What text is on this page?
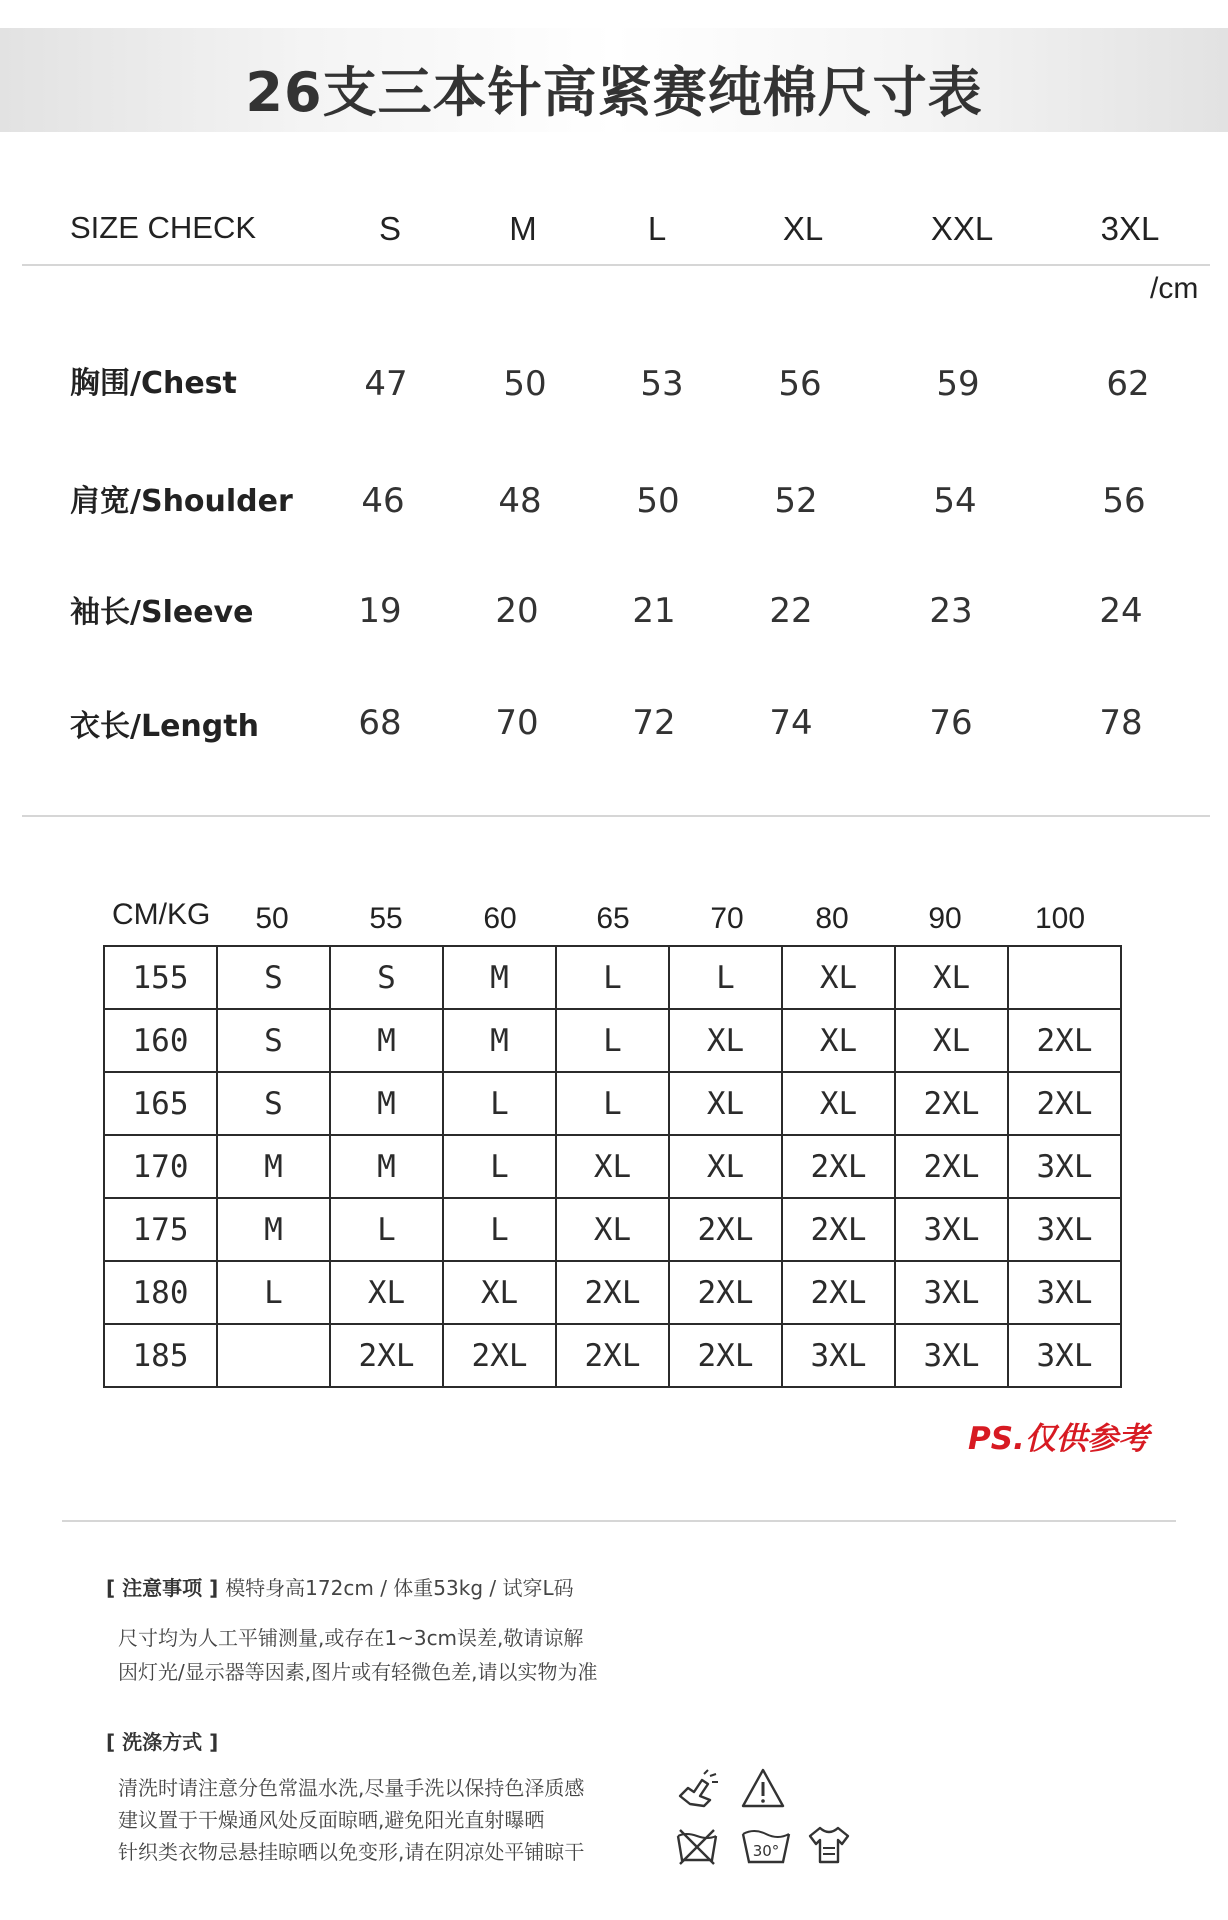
26支三本针高紧赛纯棉尺寸表
SIZE CHECK	S	M	L	XL	XXL	3XL
/cm
胸围/Chest	47	50	53	56	59	62
肩宽/Shoulder 46	48	50	52	54	56
袖长/Sleeve	19	20	21	22	23	24
衣长/Length	68	70	72	74	76	78
CM/KG 50	55	60	65	70 80	90 100
155	S	S	M	L	L	XL	XL	
160	S	M	M	L	XL	XL	XL	2XL
165	S	M	L	L	XL	XL	2XL	2XL
170	M	M	L	XL	XL	2XL	2XL	3XL
175	M	L	L	XL	2XL	2XL	3XL	3XL
180	L	XL	XL	2XL	2XL	2XL	3XL	3XL
185		2XL	2XL	2XL	2XL	3XL	3XL	3XL
PS.仅供参考
[ 注意事项 ] 模特身高172cm / 体重53kg / 试穿L码
尺寸均为人工平铺测量,或存在1~3cm误差,敬请谅解
因灯光/显示器等因素,图片或有轻微色差,请以实物为准
[ 洗涤方式 ]
清洗时请注意分色常温水洗,尽量手洗以保持色泽质感
建议置于干燥通风处反面晾晒,避免阳光直射曝晒
针织类衣物忌悬挂晾晒以免变形,请在阴凉处平铺晾干	30°
